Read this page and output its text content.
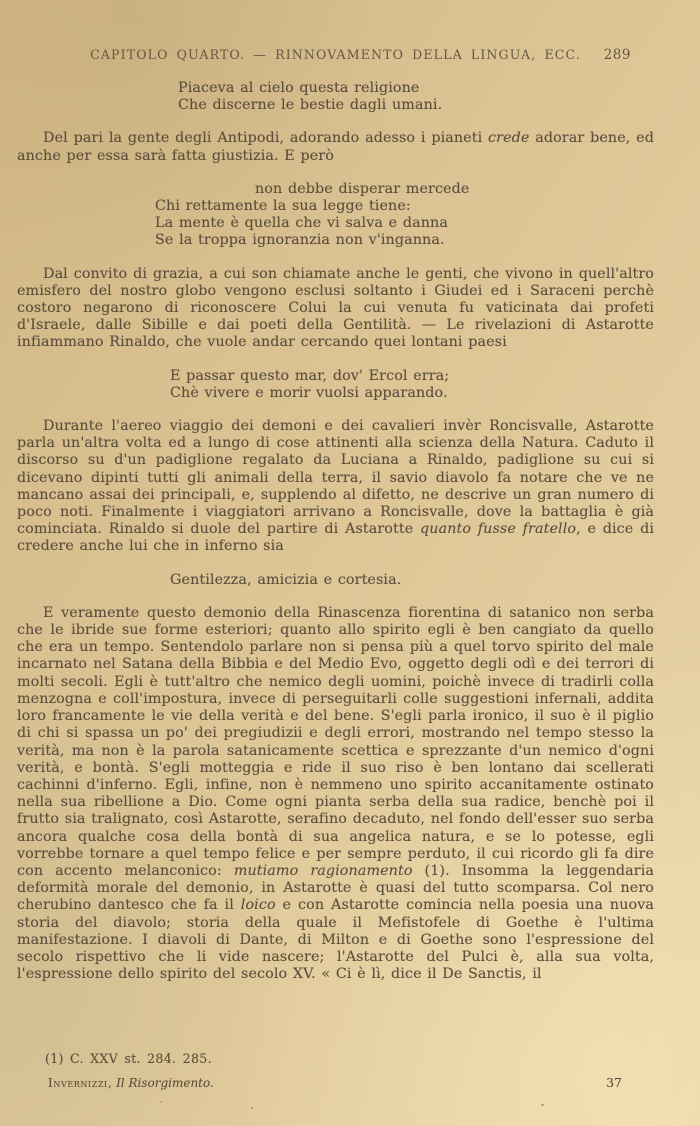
CAPITOLO QUARTO. — RINNOVAMENTO DELLA LINGUA, ECC. 289
Piaceva al cielo questa religione
Che discerne le bestie dagli umani.

Del pari la gente degli Antipodi, adorando adesso i pianeti crede adorar bene, ed anche per essa sarà fatta giustizia. E però

non debbe disperar mercede
Chi rettamente la sua legge tiene:
La mente è quella che vi salva e danna
Se la troppa ignoranzia non v'inganna.

Dal convito di grazia, a cui son chiamate anche le genti, che vivono in quell'altro emisfero del nostro globo vengono esclusi soltanto i Giudei ed i Saraceni perchè costoro negarono di riconoscere Colui la cui venuta fu vaticinata dai profeti d'Israele, dalle Sibille e dai poeti della Gentilità. — Le rivelazioni di Astarotte infiammano Rinaldo, che vuole andar cercando quei lontani paesi

E passar questo mar, dov' Ercol erra;
Chè vivere e morir vuolsi apparando.

Durante l'aereo viaggio dei demoni e dei cavalieri invèr Roncisvalle, Astarotte parla un'altra volta ed a lungo di cose attinenti alla scienza della Natura. Caduto il discorso su d'un padiglione regalato da Luciana a Rinaldo, padiglione su cui si dicevano dipinti tutti gli animali della terra, il savio diavolo fa notare che ve ne mancano assai dei principali, e, supplendo al difetto, ne descrive un gran numero di poco noti. Finalmente i viaggiatori arrivano a Roncisvalle, dove la battaglia è già cominciata. Rinaldo si duole del partire di Astarotte quanto fusse fratello, e dice di credere anche lui che in inferno sia

Gentilezza, amicizia e cortesia.

E veramente questo demonio della Rinascenza fiorentina di satanico non serba che le ibride sue forme esteriori; quanto allo spirito egli è ben cangiato da quello che era un tempo. Sentendolo parlare non si pensa più a quel torvo spirito del male incarnato nel Satana della Bibbia e del Medio Evo, oggetto degli odì e dei terrori di molti secoli. Egli è tutt'altro che nemico degli uomini, poichè invece di tradirli colla menzogna e coll'impostura, invece di perseguitarli colle suggestioni infernali, addita loro francamente le vie della verità e del bene. S'egli parla ironico, il suo è il piglio di chi si spassa un po' dei pregiudizii e degli errori, mostrando nel tempo stesso la verità, ma non è la parola satanicamente scettica e sprezzante d'un nemico d'ogni verità, e bontà. S'egli motteggia e ride il suo riso è ben lontano dai scellerati cachinni d'inferno. Egli, infine, non è nemmeno uno spirito accanitamente ostinato nella sua ribellione a Dio. Come ogni pianta serba della sua radice, benchè poi il frutto sia tralignato, così Astarotte, serafino decaduto, nel fondo dell'esser suo serba ancora qualche cosa della bontà di sua angelica natura, e se lo potesse, egli vorrebbe tornare a quel tempo felice e per sempre perduto, il cui ricordo gli fa dire con accento melanconico: mutiamo ragionamento (1). Insomma la leggendaria deformità morale del demonio, in Astarotte è quasi del tutto scomparsa. Col nero cherubino dantesco che fa il loico e con Astarotte comincia nella poesia una nuova storia del diavolo; storia della quale il Mefistofele di Goethe è l'ultima manifestazione. I diavoli di Dante, di Milton e di Goethe sono l'espressione del secolo rispettivo che li vide nascere; l'Astarotte del Pulci è, alla sua volta, l'espressione dello spirito del secolo XV. « Ci è lì, dice il De Sanctis, il

(1) C. XXV st. 284. 285.
Invernizzi, Il Risorgimento.	37
